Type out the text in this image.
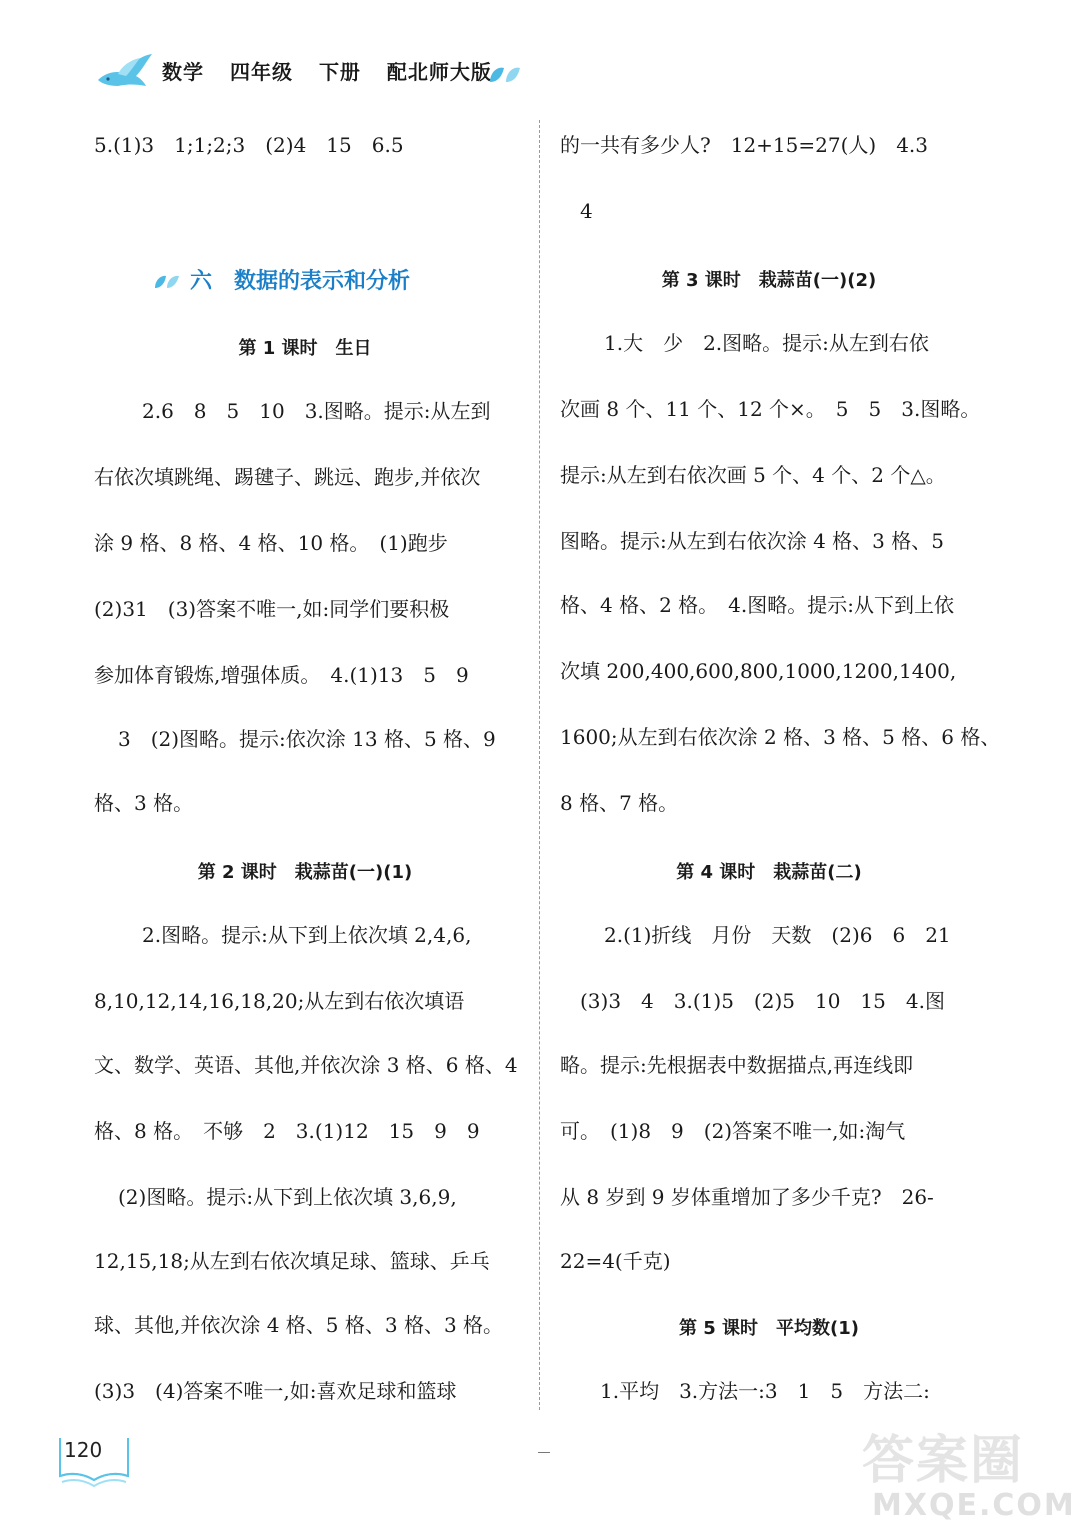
数学 四年级 下册 配北师大版
5.(1)3　1;1;2;3　(2)4　15　6.5
六　数据的表示和分析
第 1 课时　生日
2.6　8　5　10　3.图略。提示:从左到
右依次填跳绳、踢毽子、跳远、跑步,并依次
涂 9 格、8 格、4 格、10 格。　(1)跑步
(2)31　(3)答案不唯一,如:同学们要积极
参加体育锻炼,增强体质。　4.(1)13　5　9
3　(2)图略。提示:依次涂 13 格、5 格、9
格、3 格。
第 2 课时　栽蒜苗(一)(1)
2.图略。提示:从下到上依次填 2,4,6,
8,10,12,14,16,18,20;从左到右依次填语
文、数学、英语、其他,并依次涂 3 格、6 格、4
格、8 格。　不够　2　3.(1)12　15　9　9
(2)图略。提示:从下到上依次填 3,6,9,
12,15,18;从左到右依次填足球、篮球、乒乓
球、其他,并依次涂 4 格、5 格、3 格、3 格。
(3)3　(4)答案不唯一,如:喜欢足球和篮球
的一共有多少人?　12+15=27(人)　4.3
4
第 3 课时　栽蒜苗(一)(2)
1.大　少　2.图略。提示:从左到右依
次画 8 个、11 个、12 个×。　5　5　3.图略。
提示:从左到右依次画 5 个、4 个、2 个△。
图略。提示:从左到右依次涂 4 格、3 格、5
格、4 格、2 格。　4.图略。提示:从下到上依
次填 200,400,600,800,1000,1200,1400,
1600;从左到右依次涂 2 格、3 格、5 格、6 格、
8 格、7 格。
第 4 课时　栽蒜苗(二)
2.(1)折线　月份　天数　(2)6　6　21
(3)3　4　3.(1)5　(2)5　10　15　4.图
略。提示:先根据表中数据描点,再连线即
可。　(1)8　9　(2)答案不唯一,如:淘气
从 8 岁到 9 岁体重增加了多少千克?　26-
22=4(千克)
第 5 课时　平均数(1)
1.平均　3.方法一:3　1　5　方法二:
120	答案圈
MXQE.COM
